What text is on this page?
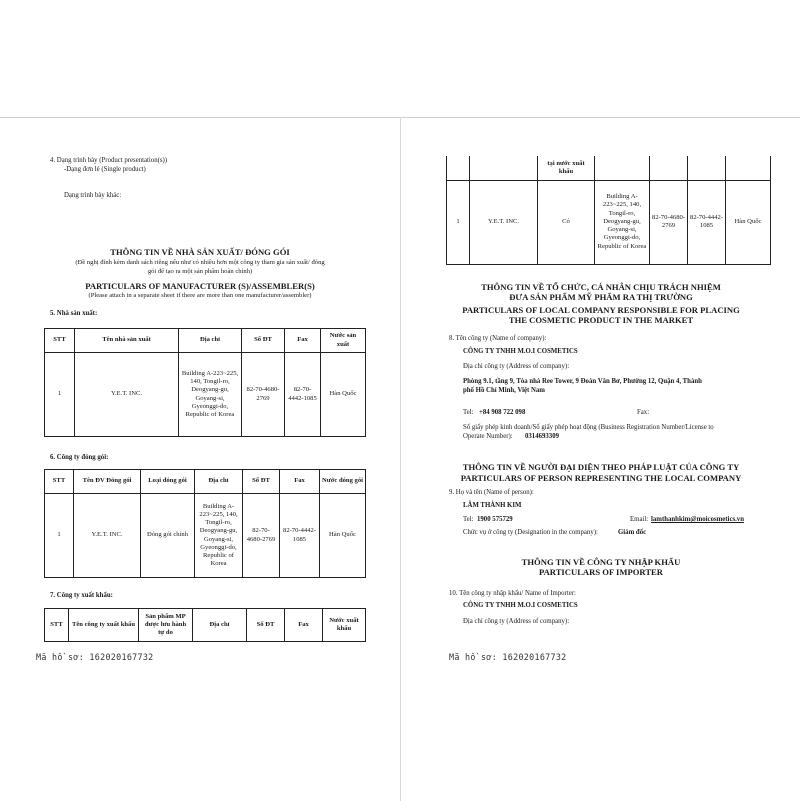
4. Dạng trình bày (Product presentation(s))
-Dạng đơn lẻ (Single product)
Dạng trình bày khác:
THÔNG TIN VỀ NHÀ SẢN XUẤT/ ĐÓNG GÓI
(Đề nghị đính kèm danh sách riêng nếu như có nhiều hơn một công ty tham gia sản xuất/ đóng
gói để tạo ra một sản phẩm hoàn chỉnh)
PARTICULARS OF MANUFACTURER (S)/ASSEMBLER(S)
(Please attach in a separate sheet if there are more than one manufacturer/assembler)
5. Nhà sản xuất:
STT	Tên nhà sản xuất	Địa chỉ	Số ĐT	Fax	Nước sản xuất
1	Y.E.T. INC.	Building A-223~225, 140, Tongil-ro, Deogyang-gu, Goyang-si, Gyeonggi-do, Republic of Korea	82-70-4680-2769	82-70-4442-1085	Hàn Quốc
6. Công ty đóng gói:
STT	Tên ĐV Đóng gói	Loại đóng gói	Địa chỉ	Số ĐT	Fax	Nước đóng gói
1	Y.E.T. INC.	Đóng gói chính	Building A-223~225, 140, Tongil-ro, Deogyang-gu, Goyang-si, Gyeonggi-do, Republic of Korea	82-70-4680-2769	82-70-4442-1085	Hàn Quốc
7. Công ty xuất khẩu:
STT	Tên công ty xuất khẩu	Sản phẩm MP được lưu hành tự do	Địa chỉ	Số ĐT	Fax	Nước xuất khẩu
Mã hồ sơ: 162020167732
		tại nước xuất khẩu				
1	Y.E.T. INC.	Có	Building A-223~225, 140, Tongil-ro, Deogyang-gu, Goyang-si, Gyeonggi-do, Republic of Korea	82-70-4680-2769	82-70-4442-1085	Hàn Quốc
THÔNG TIN VỀ TỔ CHỨC, CÁ NHÂN CHỊU TRÁCH NHIỆM
ĐƯA SẢN PHẨM MỸ PHẨM RA THỊ TRƯỜNG
PARTICULARS OF LOCAL COMPANY RESPONSIBLE FOR PLACING
THE COSMETIC PRODUCT IN THE MARKET
8. Tên công ty (Name of company):
CÔNG TY TNHH M.O.I COSMETICS
Địa chỉ công ty (Address of company):
Phòng 9.1, tầng 9, Tòa nhà Ree Tower, 9 Đoàn Văn Bơ, Phường 12, Quận 4, Thành
phố Hồ Chí Minh, Việt Nam
Tel: +84 908 722 098	Fax:
Số giấy phép kinh doanh/Số giấy phép hoạt động (Business Registration Number/License to
Operate Number): 0314693309
THÔNG TIN VỀ NGƯỜI ĐẠI DIỆN THEO PHÁP LUẬT CỦA CÔNG TY
PARTICULARS OF PERSON REPRESENTING THE LOCAL COMPANY
9. Họ và tên (Name of person):
LÂM THÀNH KIM
Tel: 1900 575729	Email: lamthanhkim@moicosmetics.vn
Chức vụ ở công ty (Designation in the company):	Giám đốc
THÔNG TIN VỀ CÔNG TY NHẬP KHẨU
PARTICULARS OF IMPORTER
10. Tên công ty nhập khẩu/ Name of Importer:
CÔNG TY TNHH M.O.I COSMETICS
Địa chỉ công ty (Address of company):
Mã hồ sơ: 162020167732
